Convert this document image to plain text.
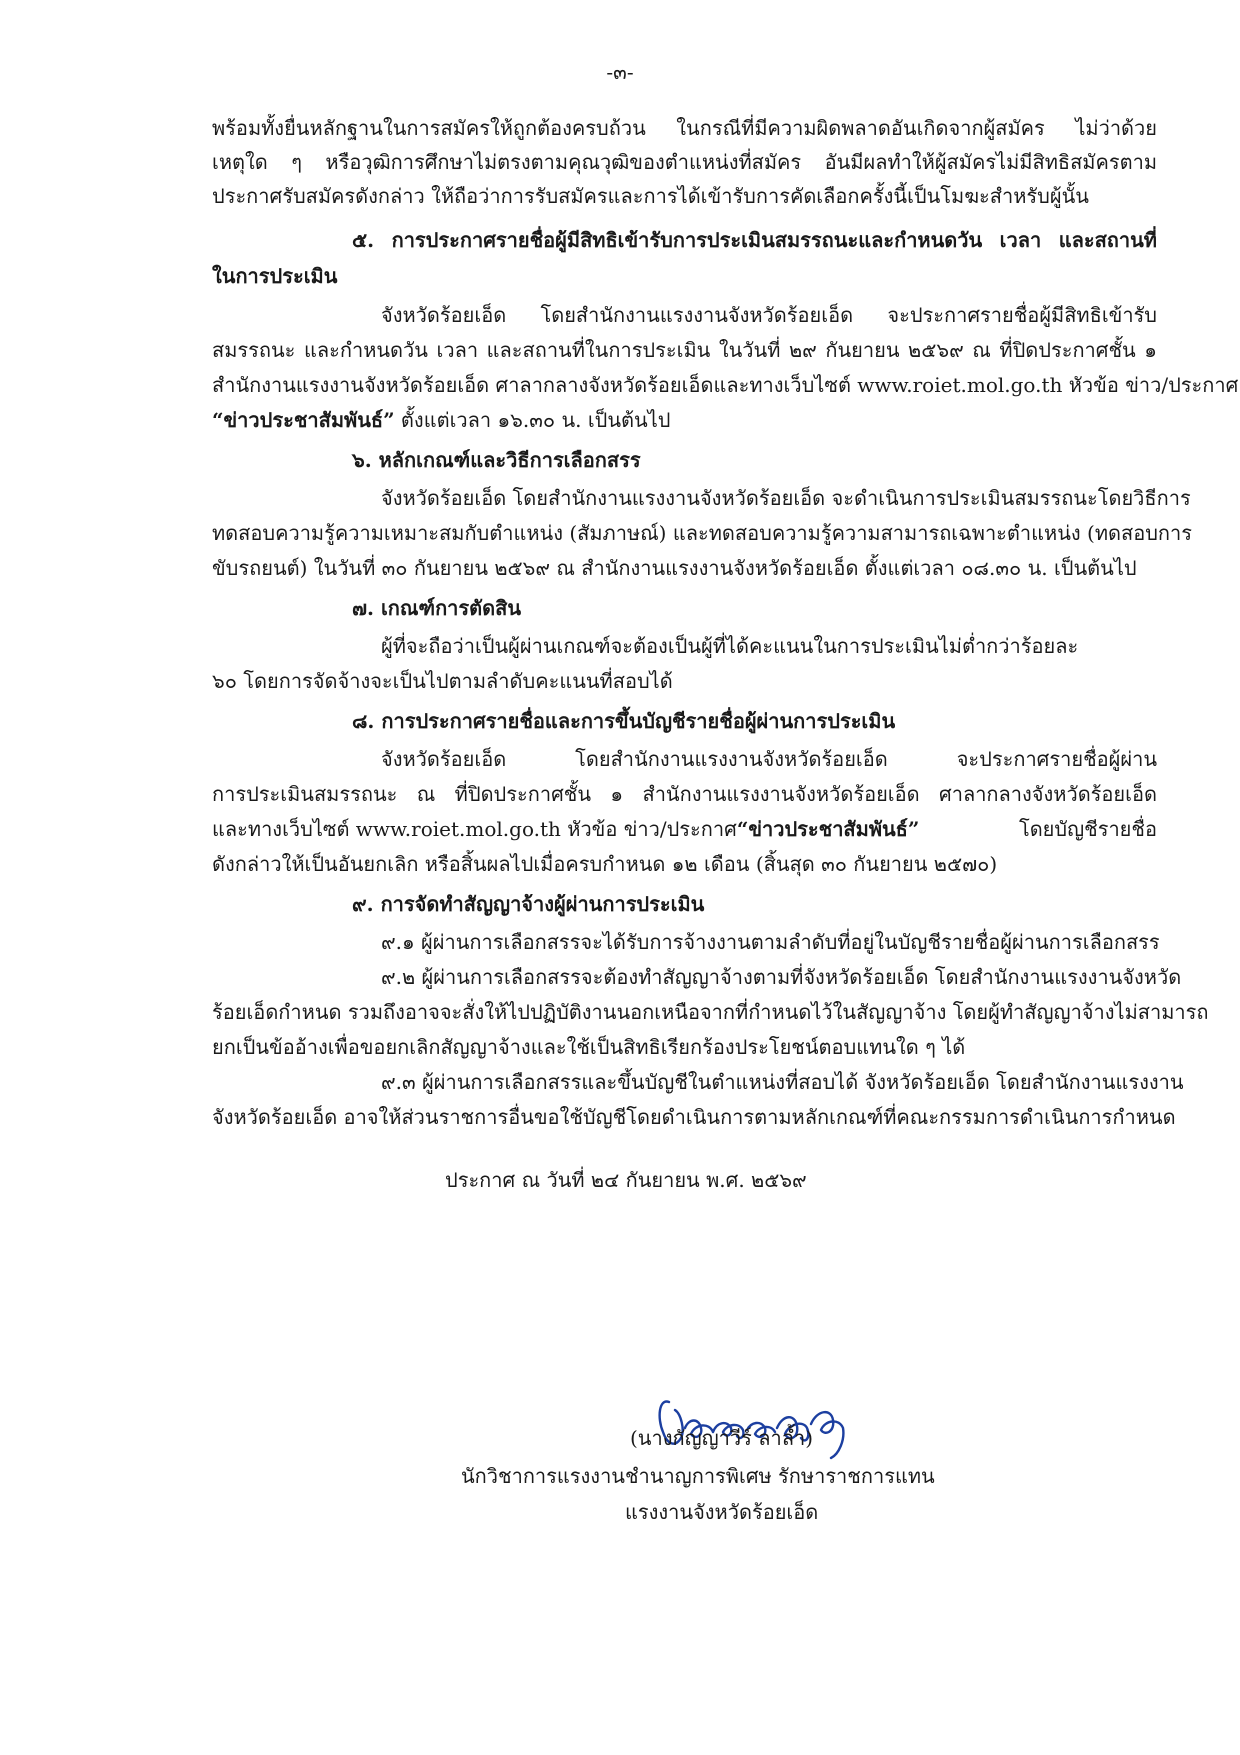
-๓-
พร้อมทั้งยื่นหลักฐานในการสมัครให้ถูกต้องครบถ้วน ในกรณีที่มีความผิดพลาดอันเกิดจากผู้สมัคร ไม่ว่าด้วย
เหตุใด ๆ หรือวุฒิการศึกษาไม่ตรงตามคุณวุฒิของตำแหน่งที่สมัคร อันมีผลทำให้ผู้สมัครไม่มีสิทธิสมัครตาม
ประกาศรับสมัครดังกล่าว ให้ถือว่าการรับสมัครและการได้เข้ารับการคัดเลือกครั้งนี้เป็นโมฆะสำหรับผู้นั้น
๕. การประกาศรายชื่อผู้มีสิทธิเข้ารับการประเมินสมรรถนะและกำหนดวัน เวลา และสถานที่
ในการประเมิน
จังหวัดร้อยเอ็ด โดยสำนักงานแรงงานจังหวัดร้อยเอ็ด จะประกาศรายชื่อผู้มีสิทธิเข้ารับ
สมรรถนะ และกำหนดวัน เวลา และสถานที่ในการประเมิน ในวันที่ ๒๙ กันยายน ๒๕๖๙ ณ ที่ปิดประกาศชั้น ๑
สำนักงานแรงงานจังหวัดร้อยเอ็ด ศาลากลางจังหวัดร้อยเอ็ดและทางเว็บไซต์ www.roiet.mol.go.th หัวข้อ ข่าว/ประกาศ
“ข่าวประชาสัมพันธ์” ตั้งแต่เวลา ๑๖.๓๐ น. เป็นต้นไป
๖. หลักเกณฑ์และวิธีการเลือกสรร
จังหวัดร้อยเอ็ด โดยสำนักงานแรงงานจังหวัดร้อยเอ็ด จะดำเนินการประเมินสมรรถนะโดยวิธีการ
ทดสอบความรู้ความเหมาะสมกับตำแหน่ง (สัมภาษณ์) และทดสอบความรู้ความสามารถเฉพาะตำแหน่ง (ทดสอบการ
ขับรถยนต์) ในวันที่ ๓๐ กันยายน ๒๕๖๙ ณ สำนักงานแรงงานจังหวัดร้อยเอ็ด ตั้งแต่เวลา ๐๘.๓๐ น. เป็นต้นไป
๗. เกณฑ์การตัดสิน
ผู้ที่จะถือว่าเป็นผู้ผ่านเกณฑ์จะต้องเป็นผู้ที่ได้คะแนนในการประเมินไม่ต่ำกว่าร้อยละ
๖๐ โดยการจัดจ้างจะเป็นไปตามลำดับคะแนนที่สอบได้
๘. การประกาศรายชื่อและการขึ้นบัญชีรายชื่อผู้ผ่านการประเมิน
จังหวัดร้อยเอ็ด โดยสำนักงานแรงงานจังหวัดร้อยเอ็ด จะประกาศรายชื่อผู้ผ่าน
การประเมินสมรรถนะ ณ ที่ปิดประกาศชั้น ๑ สำนักงานแรงงานจังหวัดร้อยเอ็ด ศาลากลางจังหวัดร้อยเอ็ด
และทางเว็บไซต์ www.roiet.mol.go.th หัวข้อ ข่าว/ประกาศ “ข่าวประชาสัมพันธ์”	โดยบัญชีรายชื่อ
ดังกล่าวให้เป็นอันยกเลิก หรือสิ้นผลไปเมื่อครบกำหนด ๑๒ เดือน (สิ้นสุด ๓๐ กันยายน ๒๕๗๐)
๙. การจัดทำสัญญาจ้างผู้ผ่านการประเมิน
๙.๑ ผู้ผ่านการเลือกสรรจะได้รับการจ้างงานตามลำดับที่อยู่ในบัญชีรายชื่อผู้ผ่านการเลือกสรร
๙.๒ ผู้ผ่านการเลือกสรรจะต้องทำสัญญาจ้างตามที่จังหวัดร้อยเอ็ด โดยสำนักงานแรงงานจังหวัด
ร้อยเอ็ดกำหนด รวมถึงอาจจะสั่งให้ไปปฏิบัติงานนอกเหนือจากที่กำหนดไว้ในสัญญาจ้าง โดยผู้ทำสัญญาจ้างไม่สามารถ
ยกเป็นข้ออ้างเพื่อขอยกเลิกสัญญาจ้างและใช้เป็นสิทธิเรียกร้องประโยชน์ตอบแทนใด ๆ ได้
๙.๓ ผู้ผ่านการเลือกสรรและขึ้นบัญชีในตำแหน่งที่สอบได้ จังหวัดร้อยเอ็ด โดยสำนักงานแรงงาน
จังหวัดร้อยเอ็ด อาจให้ส่วนราชการอื่นขอใช้บัญชีโดยดำเนินการตามหลักเกณฑ์ที่คณะกรรมการดำเนินการกำหนด
ประกาศ ณ วันที่ ๒๔ กันยายน พ.ศ. ๒๕๖๙
(นางกัญญาวีร์ ลาล้ำ)
นักวิชาการแรงงานชำนาญการพิเศษ รักษาราชการแทน
แรงงานจังหวัดร้อยเอ็ด
